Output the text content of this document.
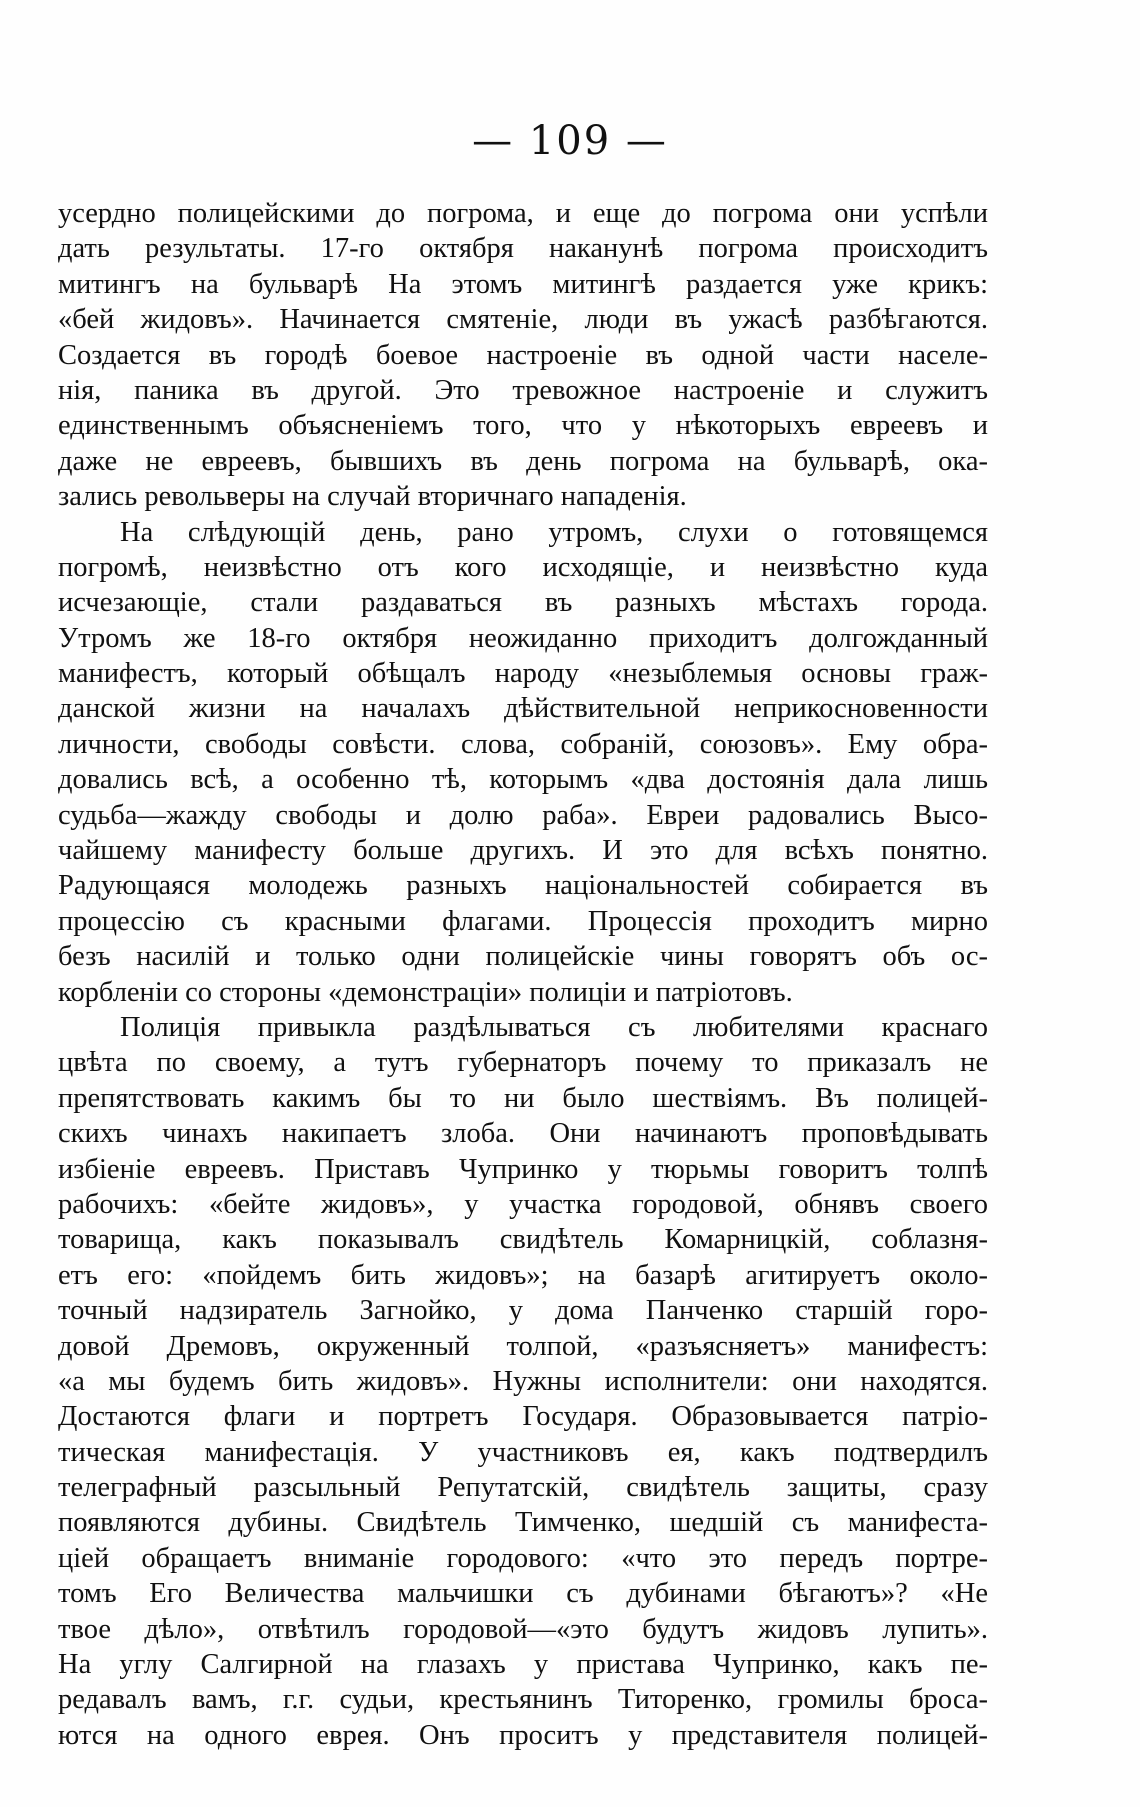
— 109 —
усердно полицейскими до погрома, и еще до погрома они успѣли
дать результаты. 17-го октября наканунѣ погрома происходитъ
митингъ на бульварѣ На этомъ митингѣ раздается уже крикъ:
«бей жидовъ». Начинается смятеніе, люди въ ужасѣ разбѣгаются.
Создается въ городѣ боевое настроеніе въ одной части населе-
нія, паника въ другой. Это тревожное настроеніе и служитъ
единственнымъ объясненіемъ того, что у нѣкоторыхъ евреевъ и
даже не евреевъ, бывшихъ въ день погрома на бульварѣ, ока-
зались револьверы на случай вторичнаго нападенія.
На слѣдующій день, рано утромъ, слухи о готовящемся
погромѣ, неизвѣстно отъ кого исходящіе, и неизвѣстно куда
исчезающіе, стали раздаваться въ разныхъ мѣстахъ города.
Утромъ же 18-го октября неожиданно приходитъ долгожданный
манифестъ, который обѣщалъ народу «незыблемыя основы граж-
данской жизни на началахъ дѣйствительной неприкосновенности
личности, свободы совѣсти. слова, собраній, союзовъ». Ему обра-
довались всѣ, а особенно тѣ, которымъ «два достоянія дала лишь
судьба—жажду свободы и долю раба». Евреи радовались Высо-
чайшему манифесту больше другихъ. И это для всѣхъ понятно.
Радующаяся молодежь разныхъ національностей собирается въ
процессію съ красными флагами. Процессія проходитъ мирно
безъ насилій и только одни полицейскіе чины говорятъ объ ос-
корбленіи со стороны «демонстраціи» полиціи и патріотовъ.
Полиція привыкла раздѣлываться съ любителями краснаго
цвѣта по своему, а тутъ губернаторъ почему то приказалъ не
препятствовать какимъ бы то ни было шествіямъ. Въ полицей-
скихъ чинахъ накипаетъ злоба. Они начинаютъ проповѣдывать
избіеніе евреевъ. Приставъ Чупринко у тюрьмы говоритъ толпѣ
рабочихъ: «бейте жидовъ», у участка городовой, обнявъ своего
товарища, какъ показывалъ свидѣтель Комарницкій, соблазня-
етъ его: «пойдемъ бить жидовъ»; на базарѣ агитируетъ околo-
точный надзиратель Загнойко, у дома Панченко старшій горо-
довой Дремовъ, окруженный толпой, «разъясняетъ» манифестъ:
«а мы будемъ бить жидовъ». Нужны исполнители: они находятся.
Достаются флаги и портретъ Государя. Образовывается патріо-
тическая манифестація. У участниковъ ея, какъ подтвердилъ
телеграфный разсыльный Репутатскій, свидѣтель защиты, сразу
появляются дубины. Свидѣтель Тимченко, шедшій съ манифеста-
ціей обращаетъ вниманіе городового: «что это передъ портре-
томъ Его Величества мальчишки съ дубинами бѣгаютъ»? «Не
твое дѣло», отвѣтилъ городовой—«это будутъ жидовъ лупить».
На углу Салгирной на глазахъ у пристава Чупринко, какъ пе-
редавалъ вамъ, г.г. судьи, крестьянинъ Титоренко, громилы броса-
ются на одного еврея. Онъ проситъ у представителя полицей-
